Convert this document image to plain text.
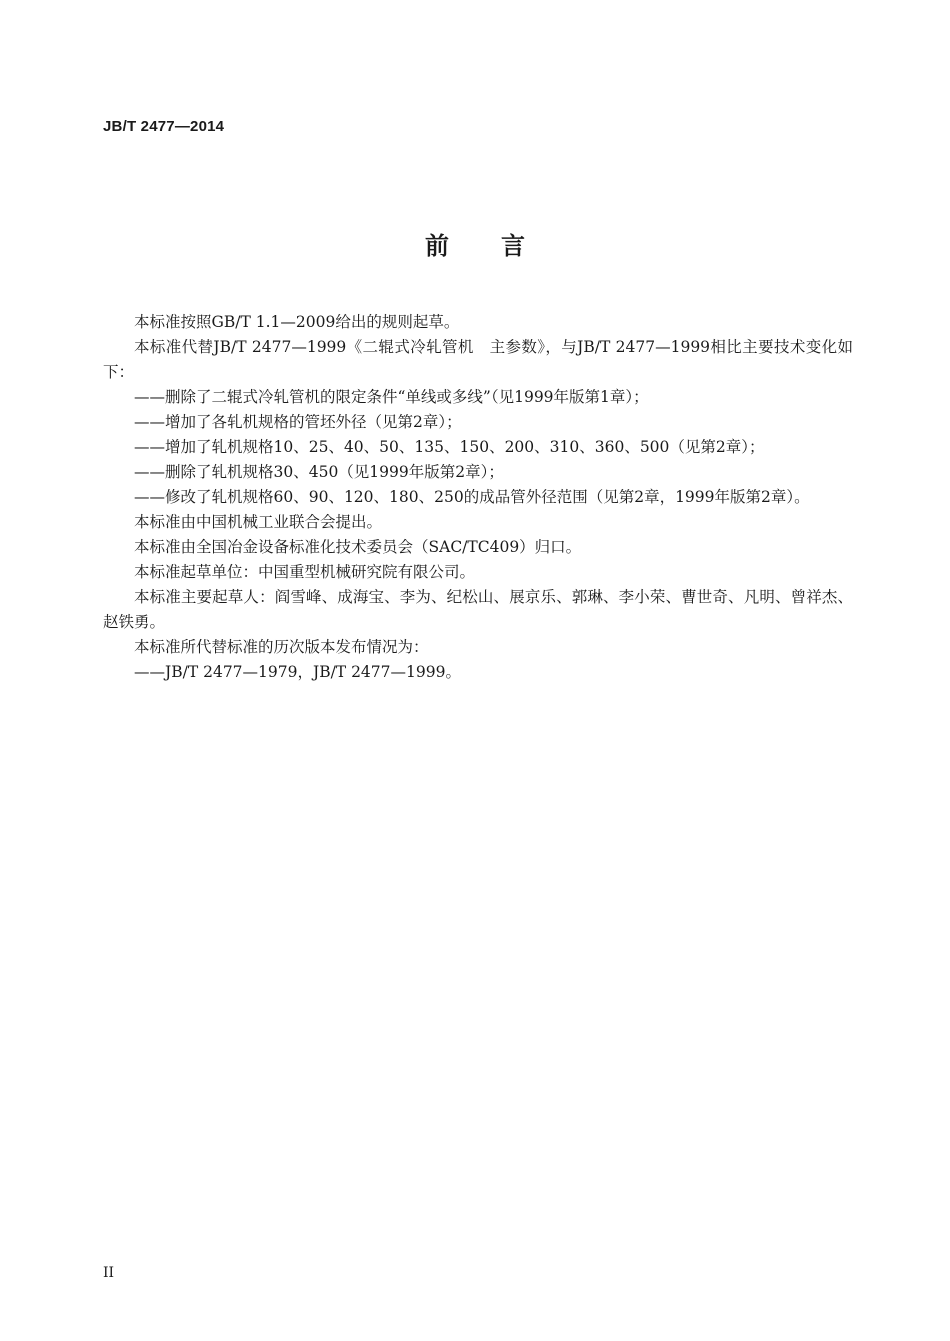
JB/T 2477—2014
前 言

本标准按照GB/T 1.1—2009给出的规则起草。

本标准代替JB/T 2477—1999《二辊式冷轧管机　主参数》，与JB/T 2477—1999相比主要技术变化如下：

——删除了二辊式冷轧管机的限定条件“单线或多线”（见1999年版第1章）；

——增加了各轧机规格的管坯外径（见第2章）；

——增加了轧机规格10、25、40、50、135、150、200、310、360、500（见第2章）；

——删除了轧机规格30、450（见1999年版第2章）；

——修改了轧机规格60、90、120、180、250的成品管外径范围（见第2章，1999年版第2章）。

本标准由中国机械工业联合会提出。

本标准由全国冶金设备标准化技术委员会（SAC/TC409）归口。

本标准起草单位：中国重型机械研究院有限公司。

本标准主要起草人：阎雪峰、成海宝、李为、纪松山、展京乐、郭琳、李小荣、曹世奇、凡明、曾祥杰、赵铁勇。

本标准所代替标准的历次版本发布情况为：

——JB/T 2477—1979，JB/T 2477—1999。

II
